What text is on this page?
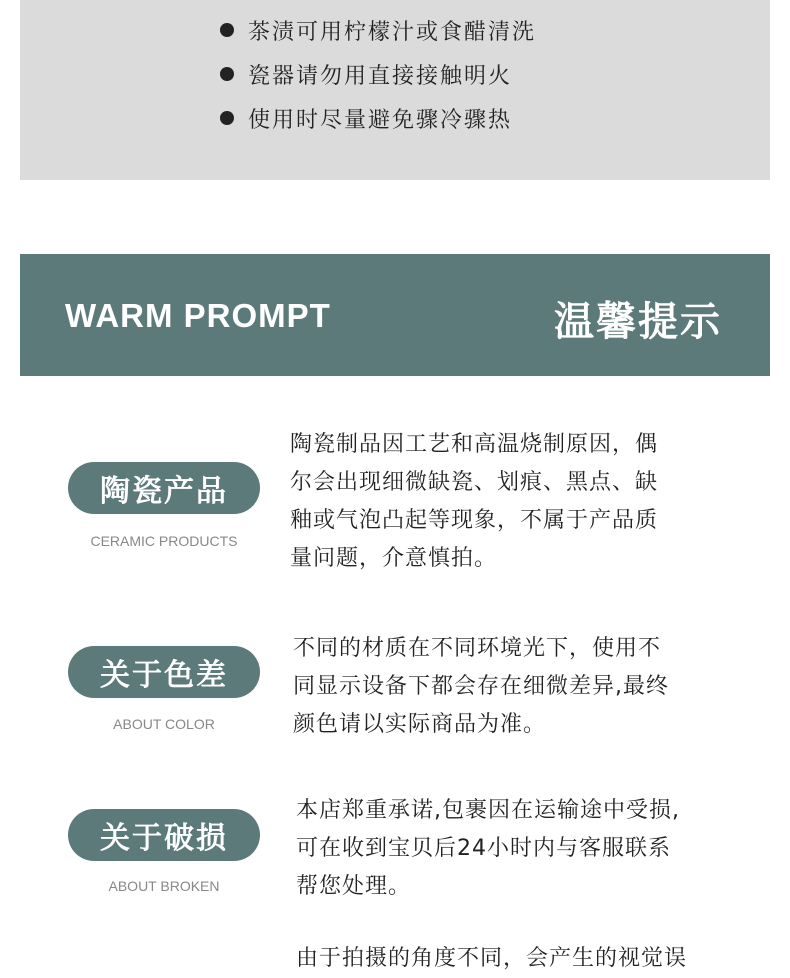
茶渍可用柠檬汁或食醋清洗
瓷器请勿用直接接触明火
使用时尽量避免骤冷骤热
WARM PROMPT	温馨提示
陶瓷产品
CERAMIC PRODUCTS
陶瓷制品因工艺和高温烧制原因，偶
尔会出现细微缺瓷、划痕、黑点、缺
釉或气泡凸起等现象，不属于产品质
量问题，介意慎拍。
关于色差
ABOUT COLOR
不同的材质在不同环境光下，使用不
同显示设备下都会存在细微差异,最终
颜色请以实际商品为准。
关于破损
ABOUT BROKEN
本店郑重承诺,包裹因在运输途中受损,
可在收到宝贝后24小时内与客服联系
帮您处理。
由于拍摄的角度不同，会产生的视觉误
